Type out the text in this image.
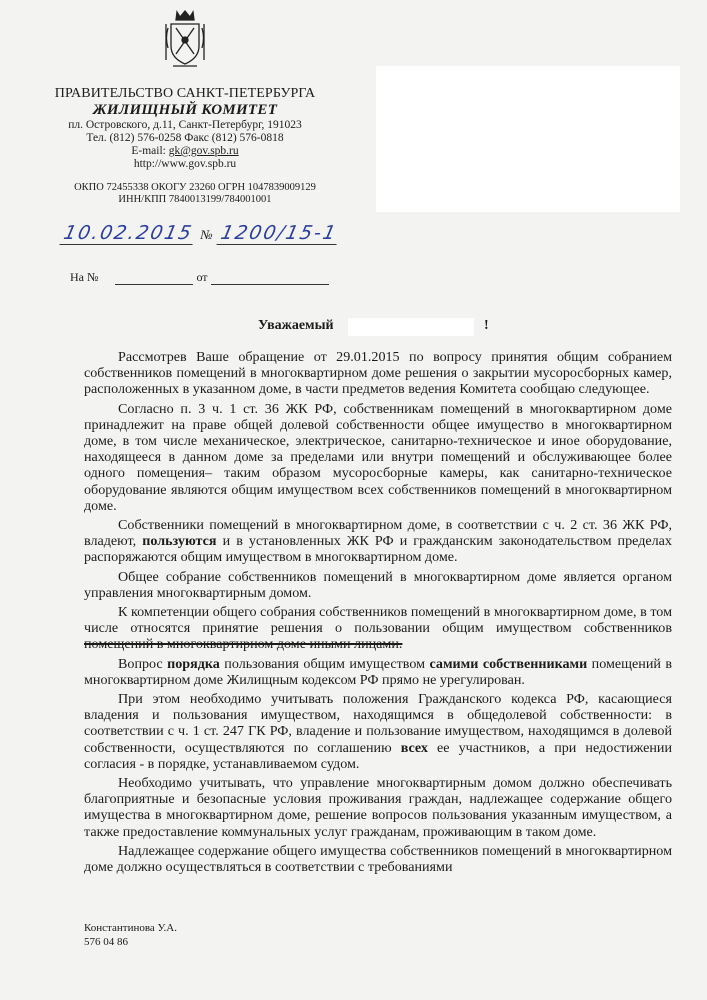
ПРАВИТЕЛЬСТВО САНКТ-ПЕТЕРБУРГА
ЖИЛИЩНЫЙ КОМИТЕТ
пл. Островского, д.11, Санкт-Петербург, 191023
Тел. (812) 576-0258 Факс (812) 576-0818
E-mail: gk@gov.spb.ru
http://www.gov.spb.ru
ОКПО 72455338 ОКОГУ 23260 ОГРН 1047839009129
ИНН/КПП 7840013199/784001001
10.02.2015 № 1200/15-1
На №	от
Уважаемый	!

Рассмотрев Ваше обращение от 29.01.2015 по вопросу принятия общим собранием собственников помещений в многоквартирном доме решения о закрытии мусоросборных камер, расположенных в указанном доме, в части предметов ведения Комитета сообщаю следующее.

Согласно п. 3 ч. 1 ст. 36 ЖК РФ, собственникам помещений в многоквартирном доме принадлежит на праве общей долевой собственности общее имущество в многоквартирном доме, в том числе механическое, электрическое, санитарно-техническое и иное оборудование, находящееся в данном доме за пределами или внутри помещений и обслуживающее более одного помещения– таким образом мусоросборные камеры, как санитарно-техническое оборудование являются общим имуществом всех собственников помещений в многоквартирном доме.

Собственники помещений в многоквартирном доме, в соответствии с ч. 2 ст. 36 ЖК РФ, владеют, пользуются и в установленных ЖК РФ и гражданским законодательством пределах распоряжаются общим имуществом в многоквартирном доме.

Общее собрание собственников помещений в многоквартирном доме является органом управления многоквартирным домом.

К компетенции общего собрания собственников помещений в многоквартирном доме, в том числе относятся принятие решения о пользовании общим имуществом собственников помещений в многоквартирном доме иными лицами.

Вопрос порядка пользования общим имуществом самими собственниками помещений в многоквартирном доме Жилищным кодексом РФ прямо не урегулирован.

При этом необходимо учитывать положения Гражданского кодекса РФ, касающиеся владения и пользования имуществом, находящимся в общедолевой собственности: в соответствии с ч. 1 ст. 247 ГК РФ, владение и пользование имуществом, находящимся в долевой собственности, осуществляются по соглашению всех ее участников, а при недостижении согласия - в порядке, устанавливаемом судом.

Необходимо учитывать, что управление многоквартирным домом должно обеспечивать благоприятные и безопасные условия проживания граждан, надлежащее содержание общего имущества в многоквартирном доме, решение вопросов пользования указанным имуществом, а также предоставление коммунальных услуг гражданам, проживающим в таком доме.

Надлежащее содержание общего имущества собственников помещений в многоквартирном доме должно осуществляться в соответствии с требованиями

Константинова У.А.
576 04 86
